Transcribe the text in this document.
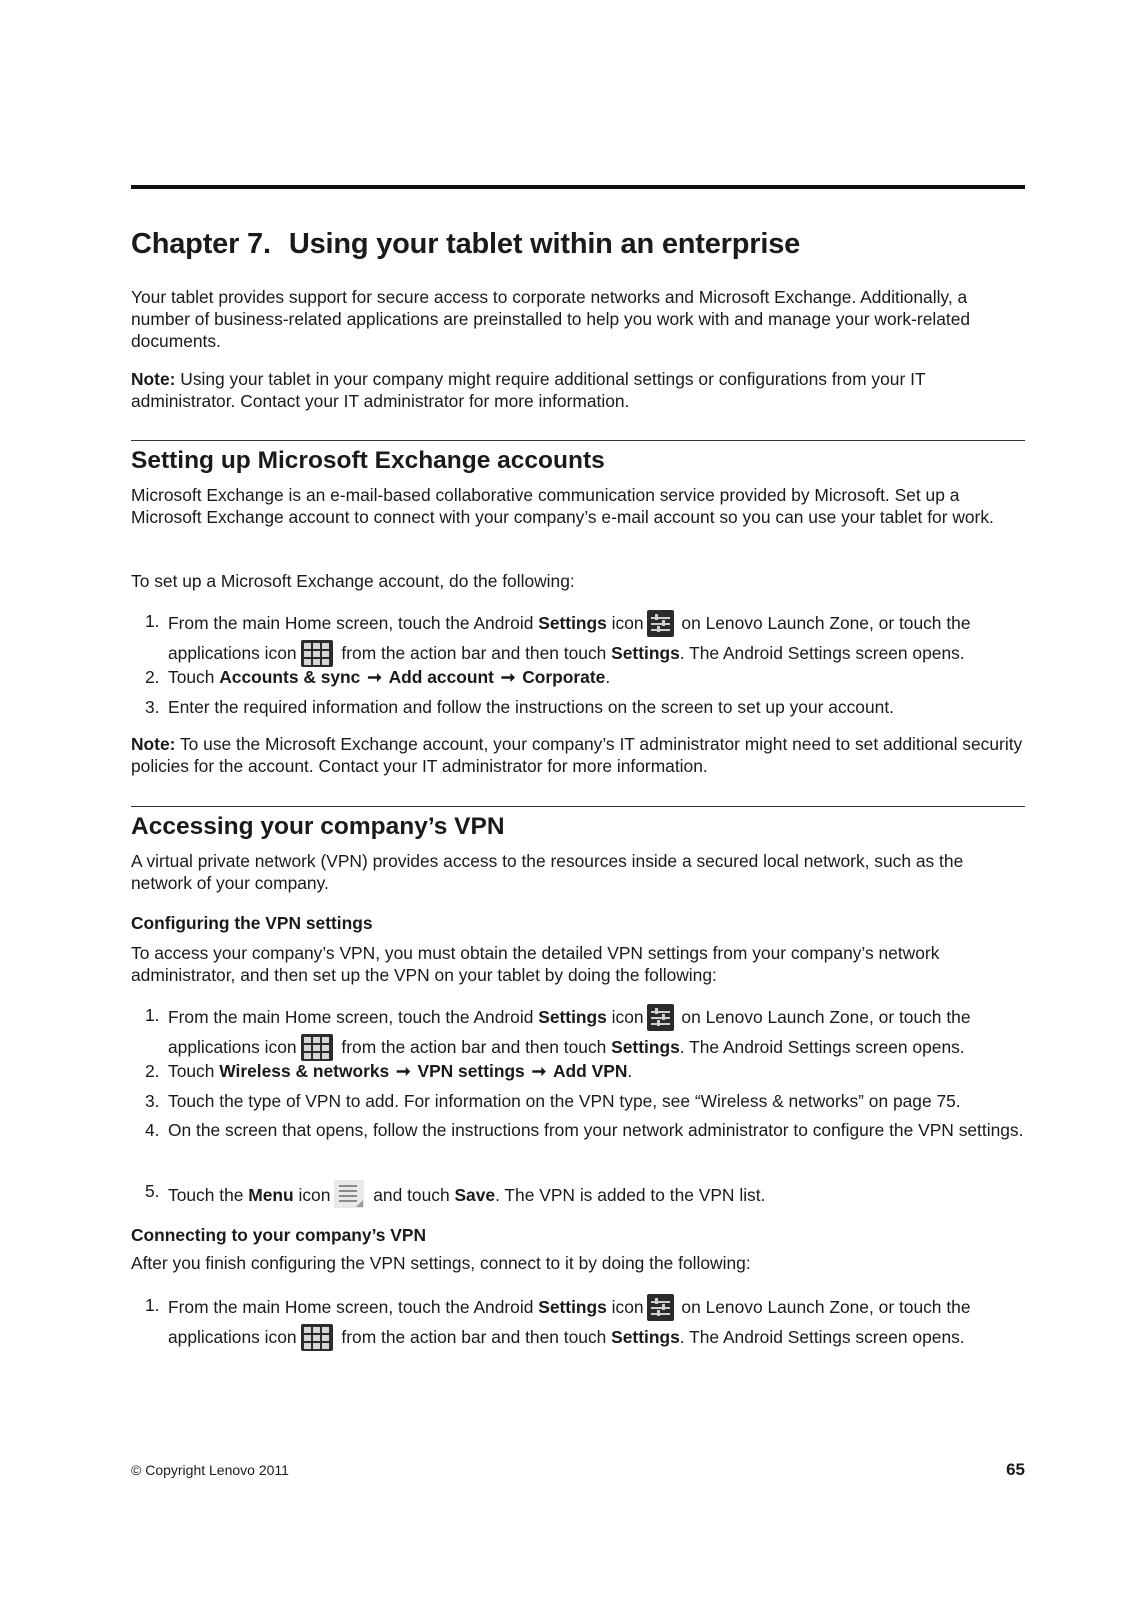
Chapter 7. Using your tablet within an enterprise

Your tablet provides support for secure access to corporate networks and Microsoft Exchange. Additionally, a number of business-related applications are preinstalled to help you work with and manage your work-related documents.

Note: Using your tablet in your company might require additional settings or configurations from your IT administrator. Contact your IT administrator for more information.

Setting up Microsoft Exchange accounts

Microsoft Exchange is an e-mail-based collaborative communication service provided by Microsoft. Set up a Microsoft Exchange account to connect with your company’s e-mail account so you can use your tablet for work.

To set up a Microsoft Exchange account, do the following:

1. From the main Home screen, touch the Android Settings icon
on Lenovo Launch Zone, or touch the
applications icon
from the action bar and then touch Settings. The Android Settings screen opens.
2. Touch Accounts & sync ➞ Add account ➞ Corporate.
3. Enter the required information and follow the instructions on the screen to set up your account.

Note: To use the Microsoft Exchange account, your company’s IT administrator might need to set additional security policies for the account. Contact your IT administrator for more information.

Accessing your company’s VPN

A virtual private network (VPN) provides access to the resources inside a secured local network, such as the network of your company.

Configuring the VPN settings

To access your company’s VPN, you must obtain the detailed VPN settings from your company’s network administrator, and then set up the VPN on your tablet by doing the following:

1. From the main Home screen, touch the Android Settings icon
on Lenovo Launch Zone, or touch the
applications icon
from the action bar and then touch Settings. The Android Settings screen opens.
2. Touch Wireless & networks ➞ VPN settings ➞ Add VPN.
3. Touch the type of VPN to add. For information on the VPN type, see “Wireless & networks” on page 75.
4. On the screen that opens, follow the instructions from your network administrator to configure the VPN settings.
5. Touch the Menu icon
and touch Save. The VPN is added to the VPN list.
Connecting to your company’s VPN

After you finish configuring the VPN settings, connect to it by doing the following:

1. From the main Home screen, touch the Android Settings icon
on Lenovo Launch Zone, or touch the
applications icon
from the action bar and then touch Settings. The Android Settings screen opens.
© Copyright Lenovo 2011	65
